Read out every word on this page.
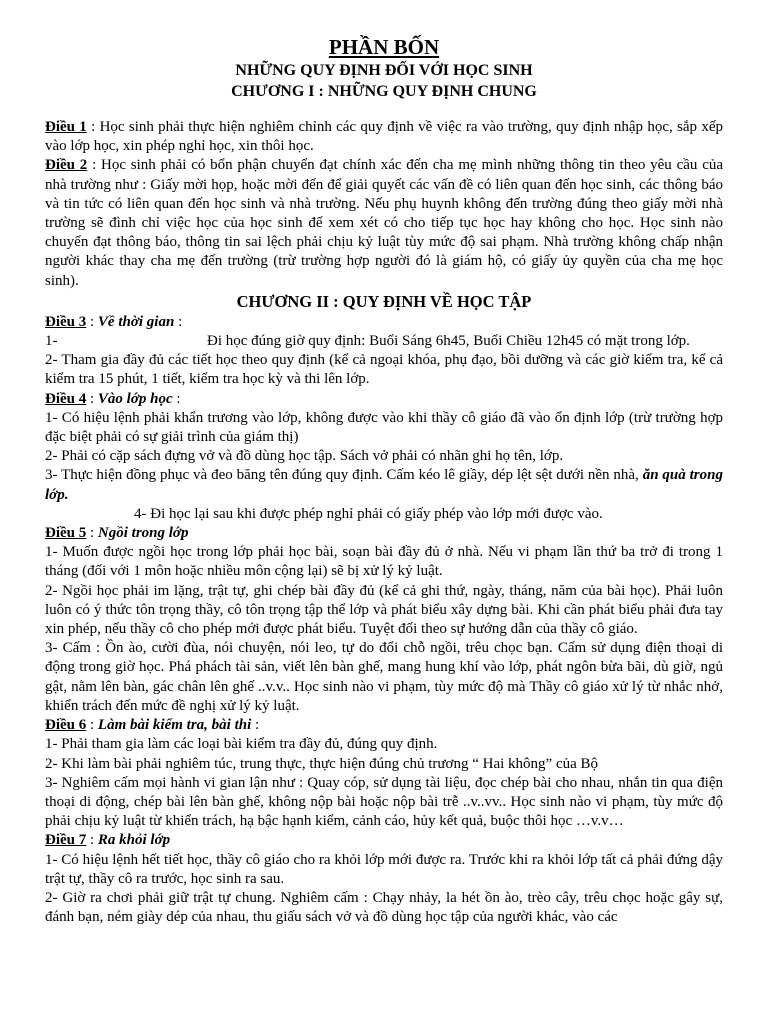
PHẦN BỐN

NHỮNG QUY ĐỊNH ĐỐI VỚI HỌC SINH

CHƯƠNG I : NHỮNG QUY ĐỊNH CHUNG

Điều 1 : Học sinh phải thực hiện nghiêm chỉnh các quy định về việc ra vào trường, quy định nhập học, sắp xếp vào lớp học, xin phép nghỉ học, xin thôi học.

Điều 2 : Học sinh phải có bổn phận chuyển đạt chính xác đến cha mẹ mình những thông tin theo yêu cầu của nhà trường như : Giấy mời họp, hoặc mời đến để giải quyết các vấn đề có liên quan đến học sinh, các thông báo và tin tức có liên quan đến học sinh và nhà trường. Nếu phụ huynh không đến trường đúng theo giấy mời nhà trường sẽ đình chỉ việc học của học sinh để xem xét có cho tiếp tục học hay không cho học. Học sinh nào chuyển đạt thông báo, thông tin sai lệch phải chịu kỷ luật tùy mức độ sai phạm. Nhà trường không chấp nhận người khác thay cha mẹ đến trường (trừ trường hợp người đó là giám hộ, có giấy ủy quyền của cha mẹ học sinh).

CHƯƠNG II : QUY ĐỊNH VỀ HỌC TẬP

Điều 3 : Về thời gian :

1-	Đi học đúng giờ quy định: Buổi Sáng 6h45, Buổi Chiều 12h45 có mặt trong lớp.

2- Tham gia đầy đủ các tiết học theo quy định (kể cả ngoại khóa, phụ đạo, bồi dưỡng và các giờ kiểm tra, kể cả kiểm tra 15 phút, 1 tiết, kiểm tra học kỳ và thi lên lớp.

Điều 4 : Vào lớp học :

1- Có hiệu lệnh phải khẩn trương vào lớp, không được vào khi thầy cô giáo đã vào ổn định lớp (trừ trường hợp đặc biệt phải có sự giải trình của giám thị)

2- Phải có cặp sách đựng vở và đồ dùng học tập. Sách vở phải có nhãn ghi họ tên, lớp.

3- Thực hiện đồng phục và đeo băng tên đúng quy định. Cấm kéo lê giầy, dép lệt sệt dưới nền nhà, ăn quà trong lớp.

4- Đi học lại sau khi được phép nghỉ phải có giấy phép vào lớp mới được vào.

Điều 5 : Ngồi trong lớp

1- Muốn được ngồi học trong lớp phải học bài, soạn bài đầy đủ ở nhà. Nếu vi phạm lần thứ ba trở đi trong 1 tháng (đối với 1 môn hoặc nhiều môn cộng lại) sẽ bị xử lý kỷ luật.

2- Ngồi học phải im lặng, trật tự, ghi chép bài đầy đủ (kể cả ghi thứ, ngày, tháng, năm của bài học). Phải luôn luôn có ý thức tôn trọng thầy, cô tôn trọng tập thể lớp và phát biểu xây dựng bài. Khi cần phát biểu phải đưa tay xin phép, nếu thầy cô cho phép mới được phát biểu. Tuyệt đối theo sự hướng dẫn của thầy cô giáo.

3- Cấm : Ồn ào, cười đùa, nói chuyện, nói leo, tự do đổi chỗ ngồi, trêu chọc bạn. Cấm sử dụng điện thoại di động trong giờ học. Phá phách tài sản, viết lên bàn ghế, mang hung khí vào lớp, phát ngôn bừa bãi, dù giờ, ngủ gật, nằm lên bàn, gác chân lên ghế ..v.v.. Học sinh nào vi phạm, tùy mức độ mà Thầy cô giáo xử lý từ nhắc nhở, khiển trách đến mức đề nghị xử lý kỷ luật.

Điều 6 : Làm bài kiểm tra, bài thi :

1- Phải tham gia làm các loại bài kiểm tra đầy đủ, đúng quy định.

2- Khi làm bài phải nghiêm túc, trung thực, thực hiện đúng chủ trương “ Hai không” của Bộ

3- Nghiêm cấm mọi hành vi gian lận như : Quay cóp, sử dụng tài liệu, đọc chép bài cho nhau, nhắn tin qua điện thoại di động, chép bài lên bàn ghế, không nộp bài hoặc nộp bài trễ ..v..vv.. Học sinh nào vi phạm, tùy mức độ phải chịu kỷ luật từ khiển trách, hạ bậc hạnh kiểm, cảnh cáo, hủy kết quả, buộc thôi học …v.v…

Điều 7 : Ra khỏi lớp

1- Có hiệu lệnh hết tiết học, thầy cô giáo cho ra khỏi lớp mới được ra. Trước khi ra khỏi lớp tất cả phải đứng dậy trật tự, thầy cô ra trước, học sinh ra sau.

2- Giờ ra chơi phải giữ trật tự chung. Nghiêm cấm : Chạy nhảy, la hét ồn ào, trèo cây, trêu chọc hoặc gây sự, đánh bạn, ném giày dép của nhau, thu giấu sách vở và đồ dùng học tập của người khác, vào các
